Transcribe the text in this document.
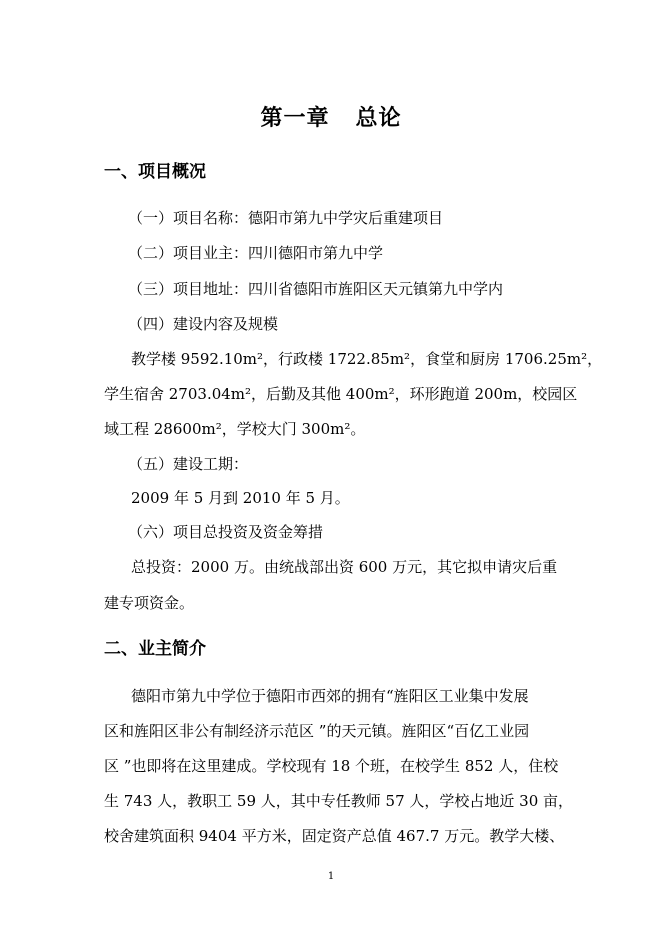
第一章 总论
一、项目概况
（一）项目名称：德阳市第九中学灾后重建项目
（二）项目业主：四川德阳市第九中学
（三）项目地址：四川省德阳市旌阳区天元镇第九中学内
（四）建设内容及规模
教学楼 9592.10m²，行政楼 1722.85m²，食堂和厨房 1706.25m²，
学生宿舍 2703.04m²，后勤及其他 400m²，环形跑道 200m，校园区
域工程 28600m²，学校大门 300m²。
（五）建设工期：
2009 年 5 月到 2010 年 5 月。
（六）项目总投资及资金筹措
总投资：2000 万。由统战部出资 600 万元，其它拟申请灾后重
建专项资金。
二、业主简介
德阳市第九中学位于德阳市西郊的拥有“旌阳区工业集中发展
区和旌阳区非公有制经济示范区 ”的天元镇。旌阳区“百亿工业园
区 ”也即将在这里建成。学校现有 18 个班，在校学生 852 人，住校
生 743 人，教职工 59 人，其中专任教师 57 人，学校占地近 30 亩，
校舍建筑面积 9404 平方米，固定资产总值 467.7 万元。教学大楼、
1
